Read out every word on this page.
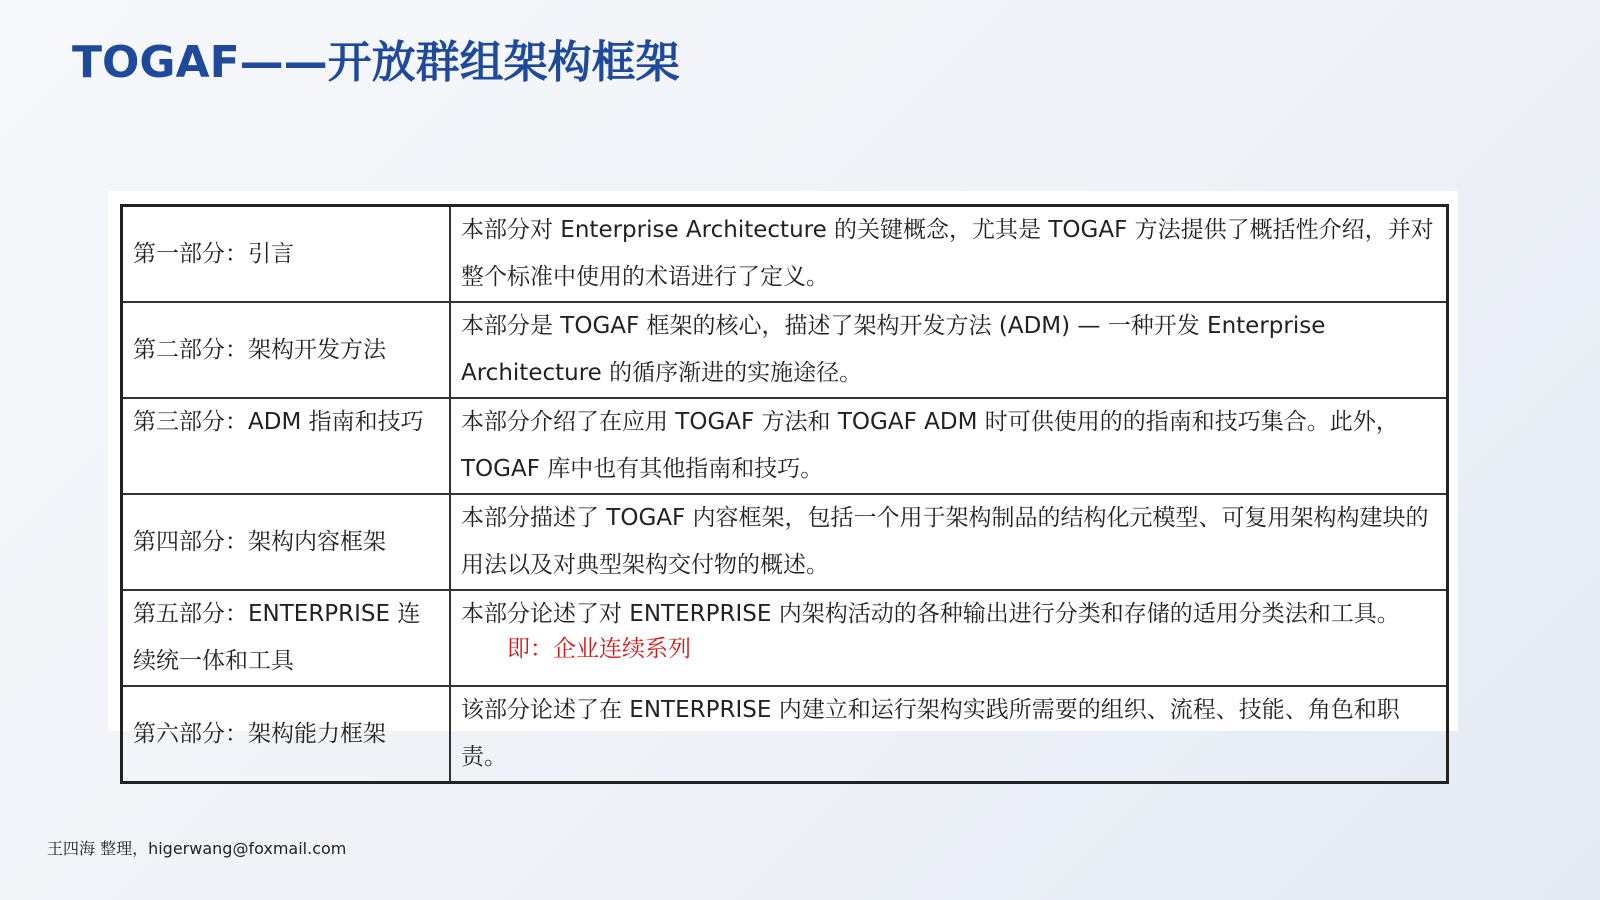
TOGAF——开放群组架构框架
第一部分：引言	本部分对 Enterprise Architecture 的关键概念，尤其是 TOGAF 方法提供了概括性介绍，并对整个标准中使用的术语进行了定义。
第二部分：架构开发方法	本部分是 TOGAF 框架的核心，描述了架构开发方法 (ADM) — 一种开发 Enterprise Architecture 的循序渐进的实施途径。
第三部分：ADM 指南和技巧	本部分介绍了在应用 TOGAF 方法和 TOGAF ADM 时可供使用的的指南和技巧集合。此外，TOGAF 库中也有其他指南和技巧。
第四部分：架构内容框架	本部分描述了 TOGAF 内容框架，包括一个用于架构制品的结构化元模型、可复用架构构建块的用法以及对典型架构交付物的概述。
第五部分：ENTERPRISE 连续统一体和工具	本部分论述了对 ENTERPRISE 内架构活动的各种输出进行分类和存储的适用分类法和工具。即：企业连续系列
第六部分：架构能力框架	该部分论述了在 ENTERPRISE 内建立和运行架构实践所需要的组织、流程、技能、角色和职责。
王四海 整理，higerwang@foxmail.com
